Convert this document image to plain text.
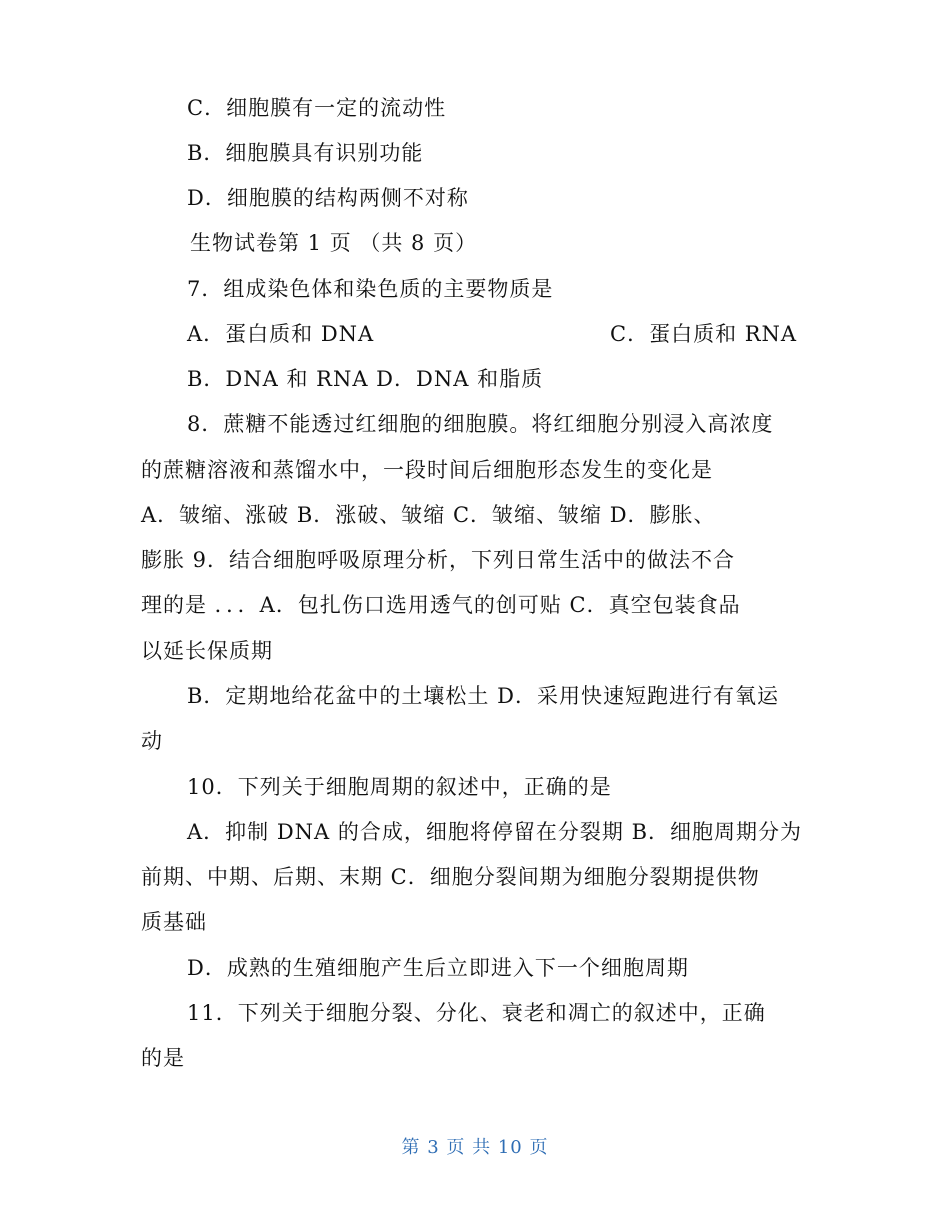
C．细胞膜有一定的流动性
B．细胞膜具有识别功能
D．细胞膜的结构两侧不对称
生物试卷第 1 页 （共 8 页）
7．组成染色体和染色质的主要物质是
A．蛋白质和 DNA	C．蛋白质和 RNA
B．DNA 和 RNA D．DNA 和脂质
8．蔗糖不能透过红细胞的细胞膜。将红细胞分别浸入高浓度
的蔗糖溶液和蒸馏水中，一段时间后细胞形态发生的变化是
A．皱缩、涨破 B．涨破、皱缩 C．皱缩、皱缩 D．膨胀、
膨胀 9．结合细胞呼吸原理分析，下列日常生活中的做法不合
理的是 ．．．A．包扎伤口选用透气的创可贴 C．真空包装食品
以延长保质期
B．定期地给花盆中的土壤松土 D．采用快速短跑进行有氧运
动
10．下列关于细胞周期的叙述中，正确的是
A．抑制 DNA 的合成，细胞将停留在分裂期 B．细胞周期分为
前期、中期、后期、末期 C．细胞分裂间期为细胞分裂期提供物
质基础
D．成熟的生殖细胞产生后立即进入下一个细胞周期
11．下列关于细胞分裂、分化、衰老和凋亡的叙述中，正确
的是
第 3 页 共 10 页
